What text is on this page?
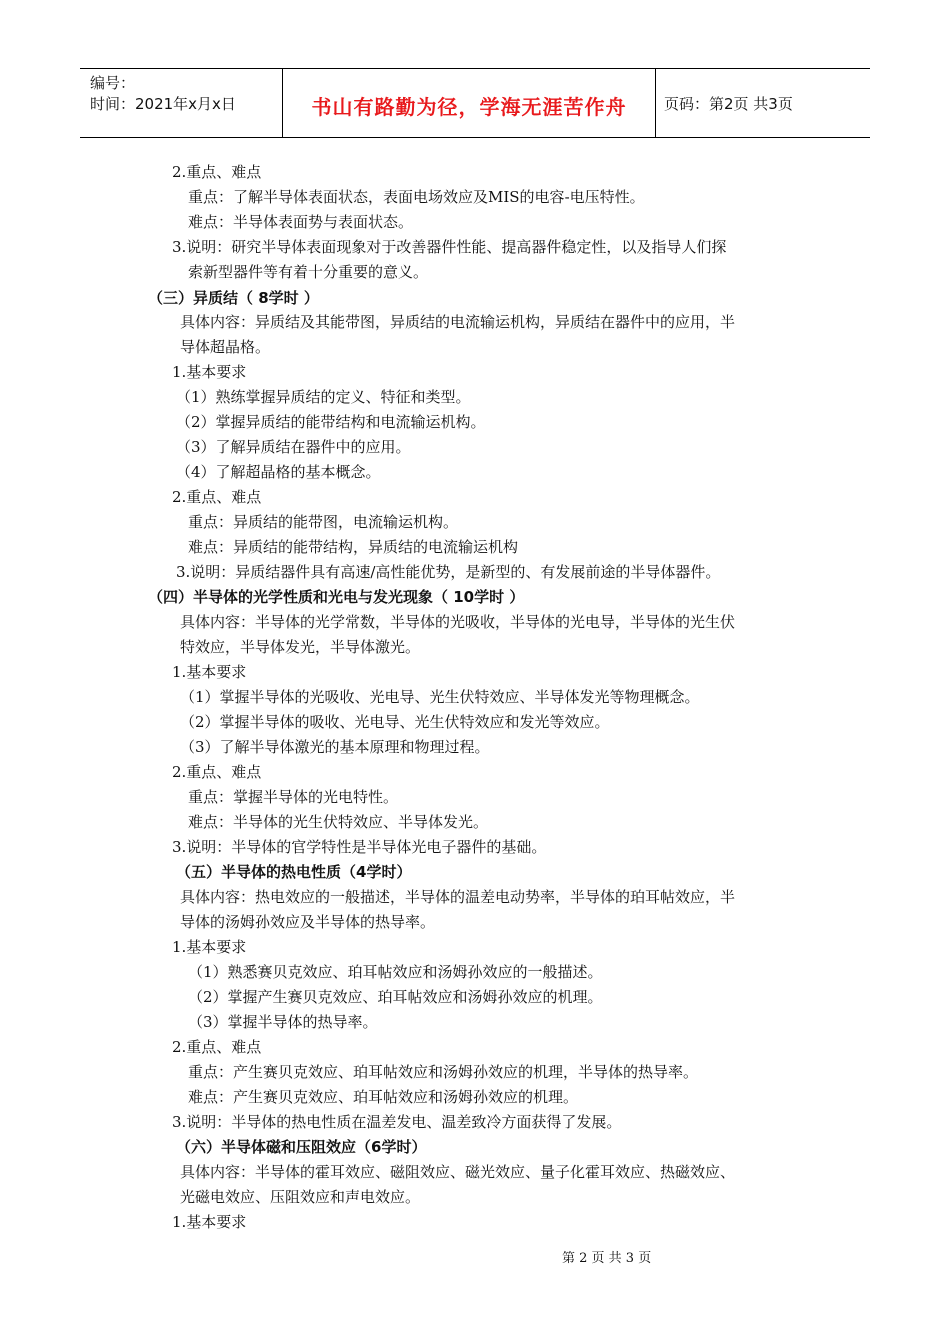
编号：
时间：2021年x月x日	书山有路勤为径，学海无涯苦作舟	页码：第2页 共3页
2.重点、难点
重点：了解半导体表面状态，表面电场效应及MIS的电容-电压特性。
难点：半导体表面势与表面状态。
3.说明：研究半导体表面现象对于改善器件性能、提高器件稳定性，以及指导人们探
索新型器件等有着十分重要的意义。
（三）异质结（ 8学时 ）
具体内容：异质结及其能带图，异质结的电流输运机构，异质结在器件中的应用，半
导体超晶格。
1.基本要求
（1）熟练掌握异质结的定义、特征和类型。
（2）掌握异质结的能带结构和电流输运机构。
（3）了解异质结在器件中的应用。
（4）了解超晶格的基本概念。
2.重点、难点
重点：异质结的能带图，电流输运机构。
难点：异质结的能带结构，异质结的电流输运机构
3.说明：异质结器件具有高速/高性能优势，是新型的、有发展前途的半导体器件。
（四）半导体的光学性质和光电与发光现象（ 10学时 ）
具体内容：半导体的光学常数，半导体的光吸收，半导体的光电导，半导体的光生伏
特效应，半导体发光，半导体激光。
1.基本要求
（1）掌握半导体的光吸收、光电导、光生伏特效应、半导体发光等物理概念。
（2）掌握半导体的吸收、光电导、光生伏特效应和发光等效应。
（3）了解半导体激光的基本原理和物理过程。
2.重点、难点
重点：掌握半导体的光电特性。
难点：半导体的光生伏特效应、半导体发光。
3.说明：半导体的官学特性是半导体光电子器件的基础。
（五）半导体的热电性质（4学时）
具体内容：热电效应的一般描述，半导体的温差电动势率，半导体的珀耳帖效应，半
导体的汤姆孙效应及半导体的热导率。
1.基本要求
（1）熟悉赛贝克效应、珀耳帖效应和汤姆孙效应的一般描述。
（2）掌握产生赛贝克效应、珀耳帖效应和汤姆孙效应的机理。
（3）掌握半导体的热导率。
2.重点、难点
重点：产生赛贝克效应、珀耳帖效应和汤姆孙效应的机理，半导体的热导率。
难点：产生赛贝克效应、珀耳帖效应和汤姆孙效应的机理。
3.说明：半导体的热电性质在温差发电、温差致冷方面获得了发展。
（六）半导体磁和压阻效应（6学时）
具体内容：半导体的霍耳效应、磁阻效应、磁光效应、量子化霍耳效应、热磁效应、
光磁电效应、压阻效应和声电效应。
1.基本要求
第 2 页 共 3 页
